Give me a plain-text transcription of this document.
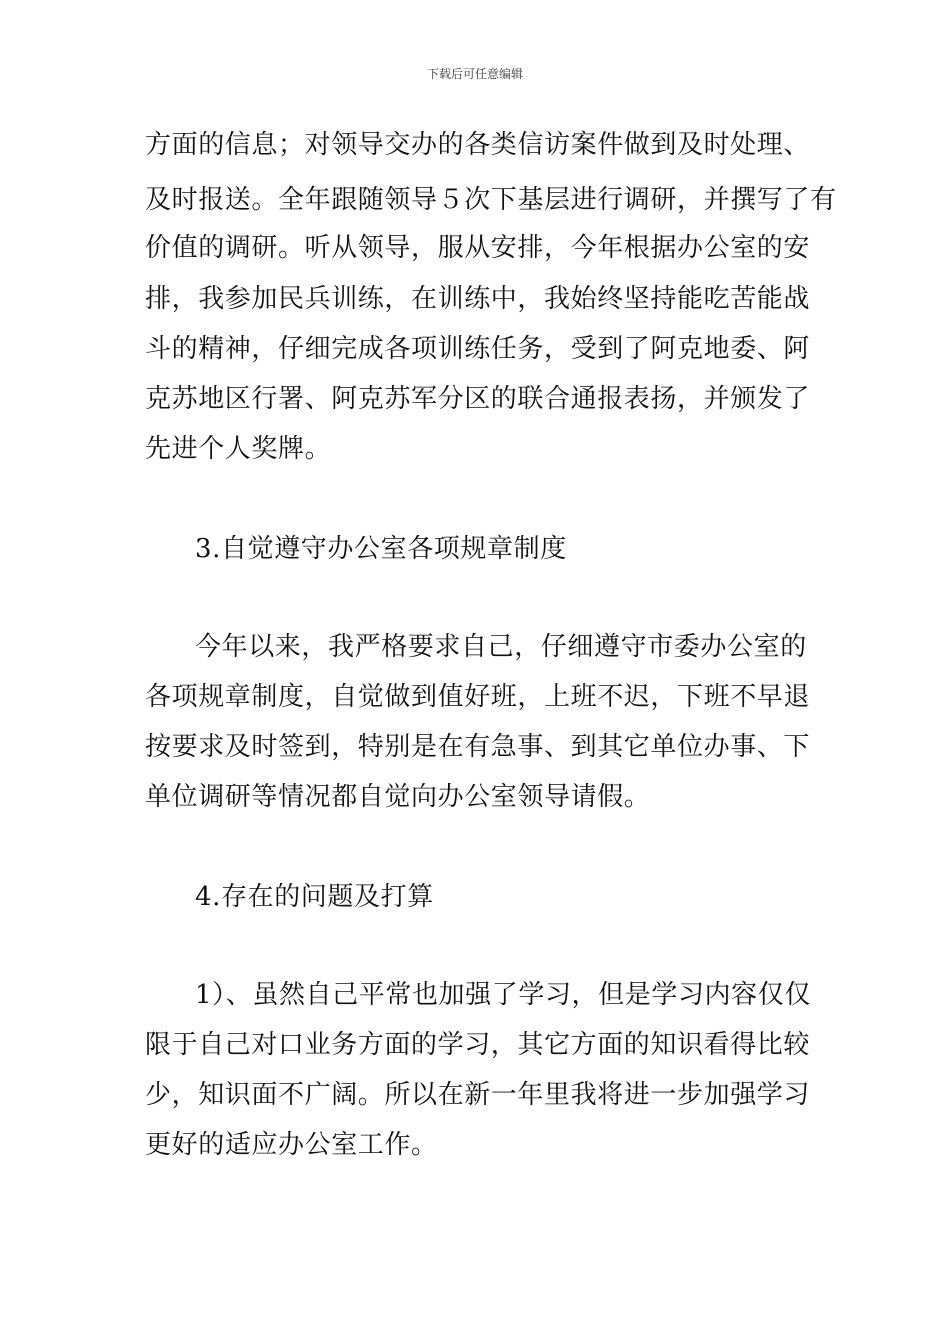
下载后可任意编辑
方面的信息；对领导交办的各类信访案件做到及时处理、
及时报送。全年跟随领导５次下基层进行调研，并撰写了有
价值的调研。听从领导，服从安排，今年根据办公室的安
排，我参加民兵训练，在训练中，我始终坚持能吃苦能战
斗的精神，仔细完成各项训练任务，受到了阿克地委、阿
克苏地区行署、阿克苏军分区的联合通报表扬，并颁发了
先进个人奖牌。
3.自觉遵守办公室各项规章制度
今年以来，我严格要求自己，仔细遵守市委办公室的
各项规章制度，自觉做到值好班，上班不迟，下班不早退
按要求及时签到，特别是在有急事、到其它单位办事、下
单位调研等情况都自觉向办公室领导请假。
4.存在的问题及打算
1）、虽然自己平常也加强了学习，但是学习内容仅仅
限于自己对口业务方面的学习，其它方面的知识看得比较
少，知识面不广阔。所以在新一年里我将进一步加强学习
更好的适应办公室工作。
